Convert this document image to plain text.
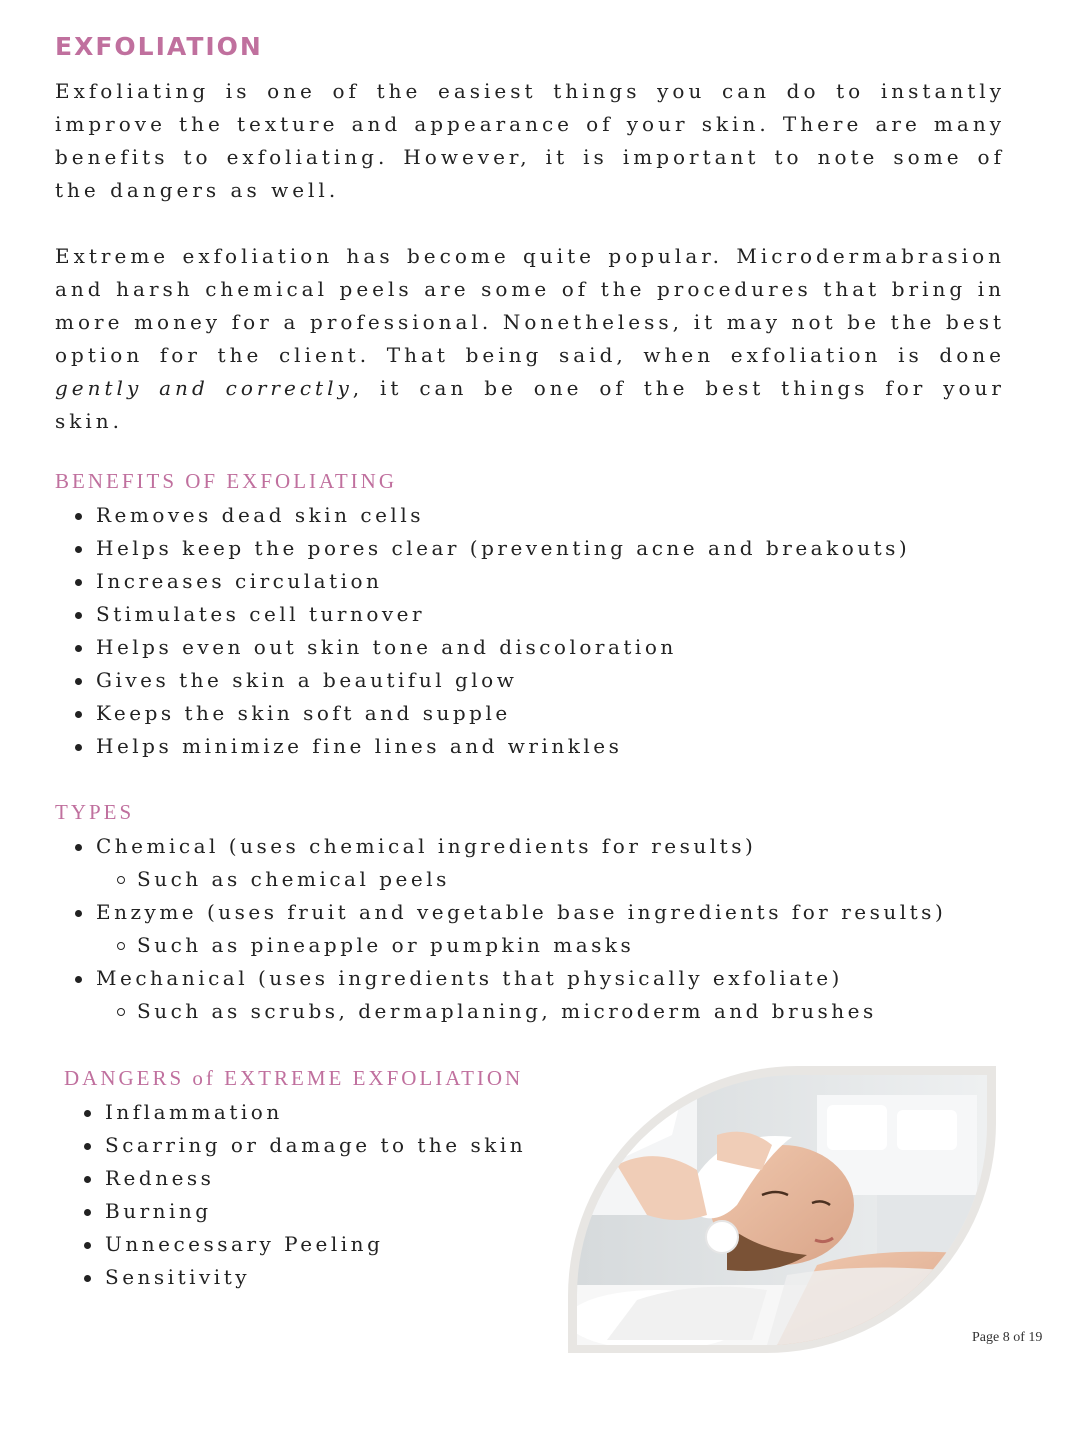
EXFOLIATION

Exfoliating is one of the easiest things you can do to instantly improve the texture and appearance of your skin. There are many benefits to exfoliating. However, it is important to note some of the dangers as well.

Extreme exfoliation has become quite popular. Microdermabrasion and harsh chemical peels are some of the procedures that bring in more money for a professional. Nonetheless, it may not be the best option for the client. That being said, when exfoliation is done gently and correctly, it can be one of the best things for your skin.

BENEFITS OF EXFOLIATING
Removes dead skin cells
Helps keep the pores clear (preventing acne and breakouts)
Increases circulation
Stimulates cell turnover
Helps even out skin tone and discoloration
Gives the skin a beautiful glow
Keeps the skin soft and supple
Helps minimize fine lines and wrinkles
TYPES
Chemical (uses chemical ingredients for results)
Such as chemical peels
Enzyme (uses fruit and vegetable base ingredients for results)
Such as pineapple or pumpkin masks
Mechanical (uses ingredients that physically exfoliate)
Such as scrubs, dermaplaning, microderm and brushes
DANGERS of EXTREME EXFOLIATION
Inflammation
Scarring or damage to the skin
Redness
Burning
Unnecessary Peeling
Sensitivity
Page 8 of 19
